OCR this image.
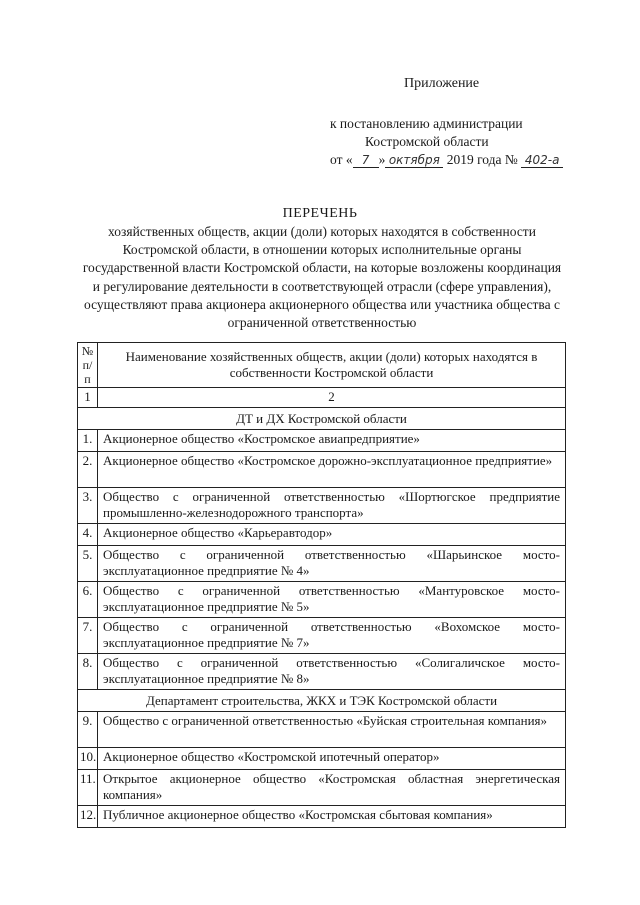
Приложение
к постановлению администрации
Костромской области
от « 7 » октября 2019 года № 402-а
ПЕРЕЧЕНЬ
хозяйственных обществ, акции (доли) которых находятся в собственности Костромской области, в отношении которых исполнительные органы государственной власти Костромской области, на которые возложены координация и регулирование деятельности в соответствующей отрасли (сфере управления), осуществляют права акционера акционерного общества или участника общества с ограниченной ответственностью
№ п/п	Наименование хозяйственных обществ, акции (доли) которых находятся в собственности Костромской области
1	2
ДТ и ДХ Костромской области	
1.	Акционерное общество «Костромское авиапредприятие»
2.	Акционерное общество «Костромское дорожно-эксплуатационное предприятие»
3.	Общество с ограниченной ответственностью «Шортюгское предприятие промышленно-железнодорожного транспорта»
4.	Акционерное общество «Карьеравтодор»
5.	Общество с ограниченной ответственностью «Шарьинское мосто-эксплуатационное предприятие № 4»
6.	Общество с ограниченной ответственностью «Мантуровское мосто-эксплуатационное предприятие № 5»
7.	Общество с ограниченной ответственностью «Вохомское мосто-эксплуатационное предприятие № 7»
8.	Общество с ограниченной ответственностью «Солигаличское мосто-эксплуатационное предприятие № 8»
Департамент строительства, ЖКХ и ТЭК Костромской области	
9.	Общество с ограниченной ответственностью «Буйская строительная компания»
10.	Акционерное общество «Костромской ипотечный оператор»
11.	Открытое акционерное общество «Костромская областная энергетическая компания»
12.	Публичное акционерное общество «Костромская сбытовая компания»
